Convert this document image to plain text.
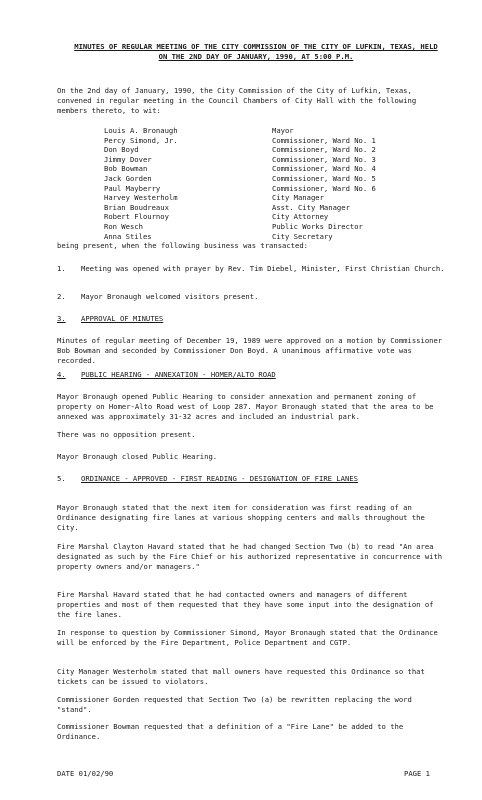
MINUTES OF REGULAR MEETING OF THE CITY COMMISSION OF THE CITY OF LUFKIN, TEXAS, HELD ON THE 2ND DAY OF JANUARY, 1990, AT 5:00 P.M.

On the 2nd day of January, 1990, the City Commission of the City of Lufkin, Texas, convened in regular meeting in the Council Chambers of City Hall with the following members thereto, to wit:

Louis A. Bronaugh	Mayor
Percy Simond, Jr.	Commissioner, Ward No. 1
Don Boyd	Commissioner, Ward No. 2
Jimmy Dover	Commissioner, Ward No. 3
Bob Bowman	Commissioner, Ward No. 4
Jack Gorden	Commissioner, Ward No. 5
Paul Mayberry	Commissioner, Ward No. 6
Harvey Westerholm	City Manager
Brian Boudreaux	Asst. City Manager
Robert Flournoy	City Attorney
Ron Wesch	Public Works Director
Anna Stiles	City Secretary

being present, when the following business was transacted:

1. Meeting was opened with prayer by Rev. Tim Diebel, Minister, First Christian Church.

2. Mayor Bronaugh welcomed visitors present.

3. APPROVAL OF MINUTES

Minutes of regular meeting of December 19, 1989 were approved on a motion by Commissioner Bob Bowman and seconded by Commissioner Don Boyd. A unanimous affirmative vote was recorded.

4. PUBLIC HEARING - ANNEXATION - HOMER/ALTO ROAD

Mayor Bronaugh opened Public Hearing to consider annexation and permanent zoning of property on Homer-Alto Road west of Loop 287. Mayor Bronaugh stated that the area to be annexed was approximately 31-32 acres and included an industrial park.

There was no opposition present.

Mayor Bronaugh closed Public Hearing.

5.	ORDINANCE - APPROVED - FIRST READING - DESIGNATION OF FIRE LANES

Mayor Bronaugh stated that the next item for consideration was first reading of an Ordinance designating fire lanes at various shopping centers and malls throughout the City.

Fire Marshal Clayton Havard stated that he had changed Section Two (b) to read "An area designated as such by the Fire Chief or his authorized representative in concurrence with property owners and/or managers."

Fire Marshal Havard stated that he had contacted owners and managers of different properties and most of them requested that they have some input into the designation of the fire lanes.

In response to question by Commissioner Simond, Mayor Bronaugh stated that the Ordinance will be enforced by the Fire Department, Police Department and CGTP.

City Manager Westerholm stated that mall owners have requested this Ordinance so that tickets can be issued to violators.

Commissioner Gorden requested that Section Two (a) be rewritten replacing the word "stand".

Commissioner Bowman requested that a definition of a "Fire Lane" be added to the Ordinance.

DATE 01/02/90	PAGE 1
